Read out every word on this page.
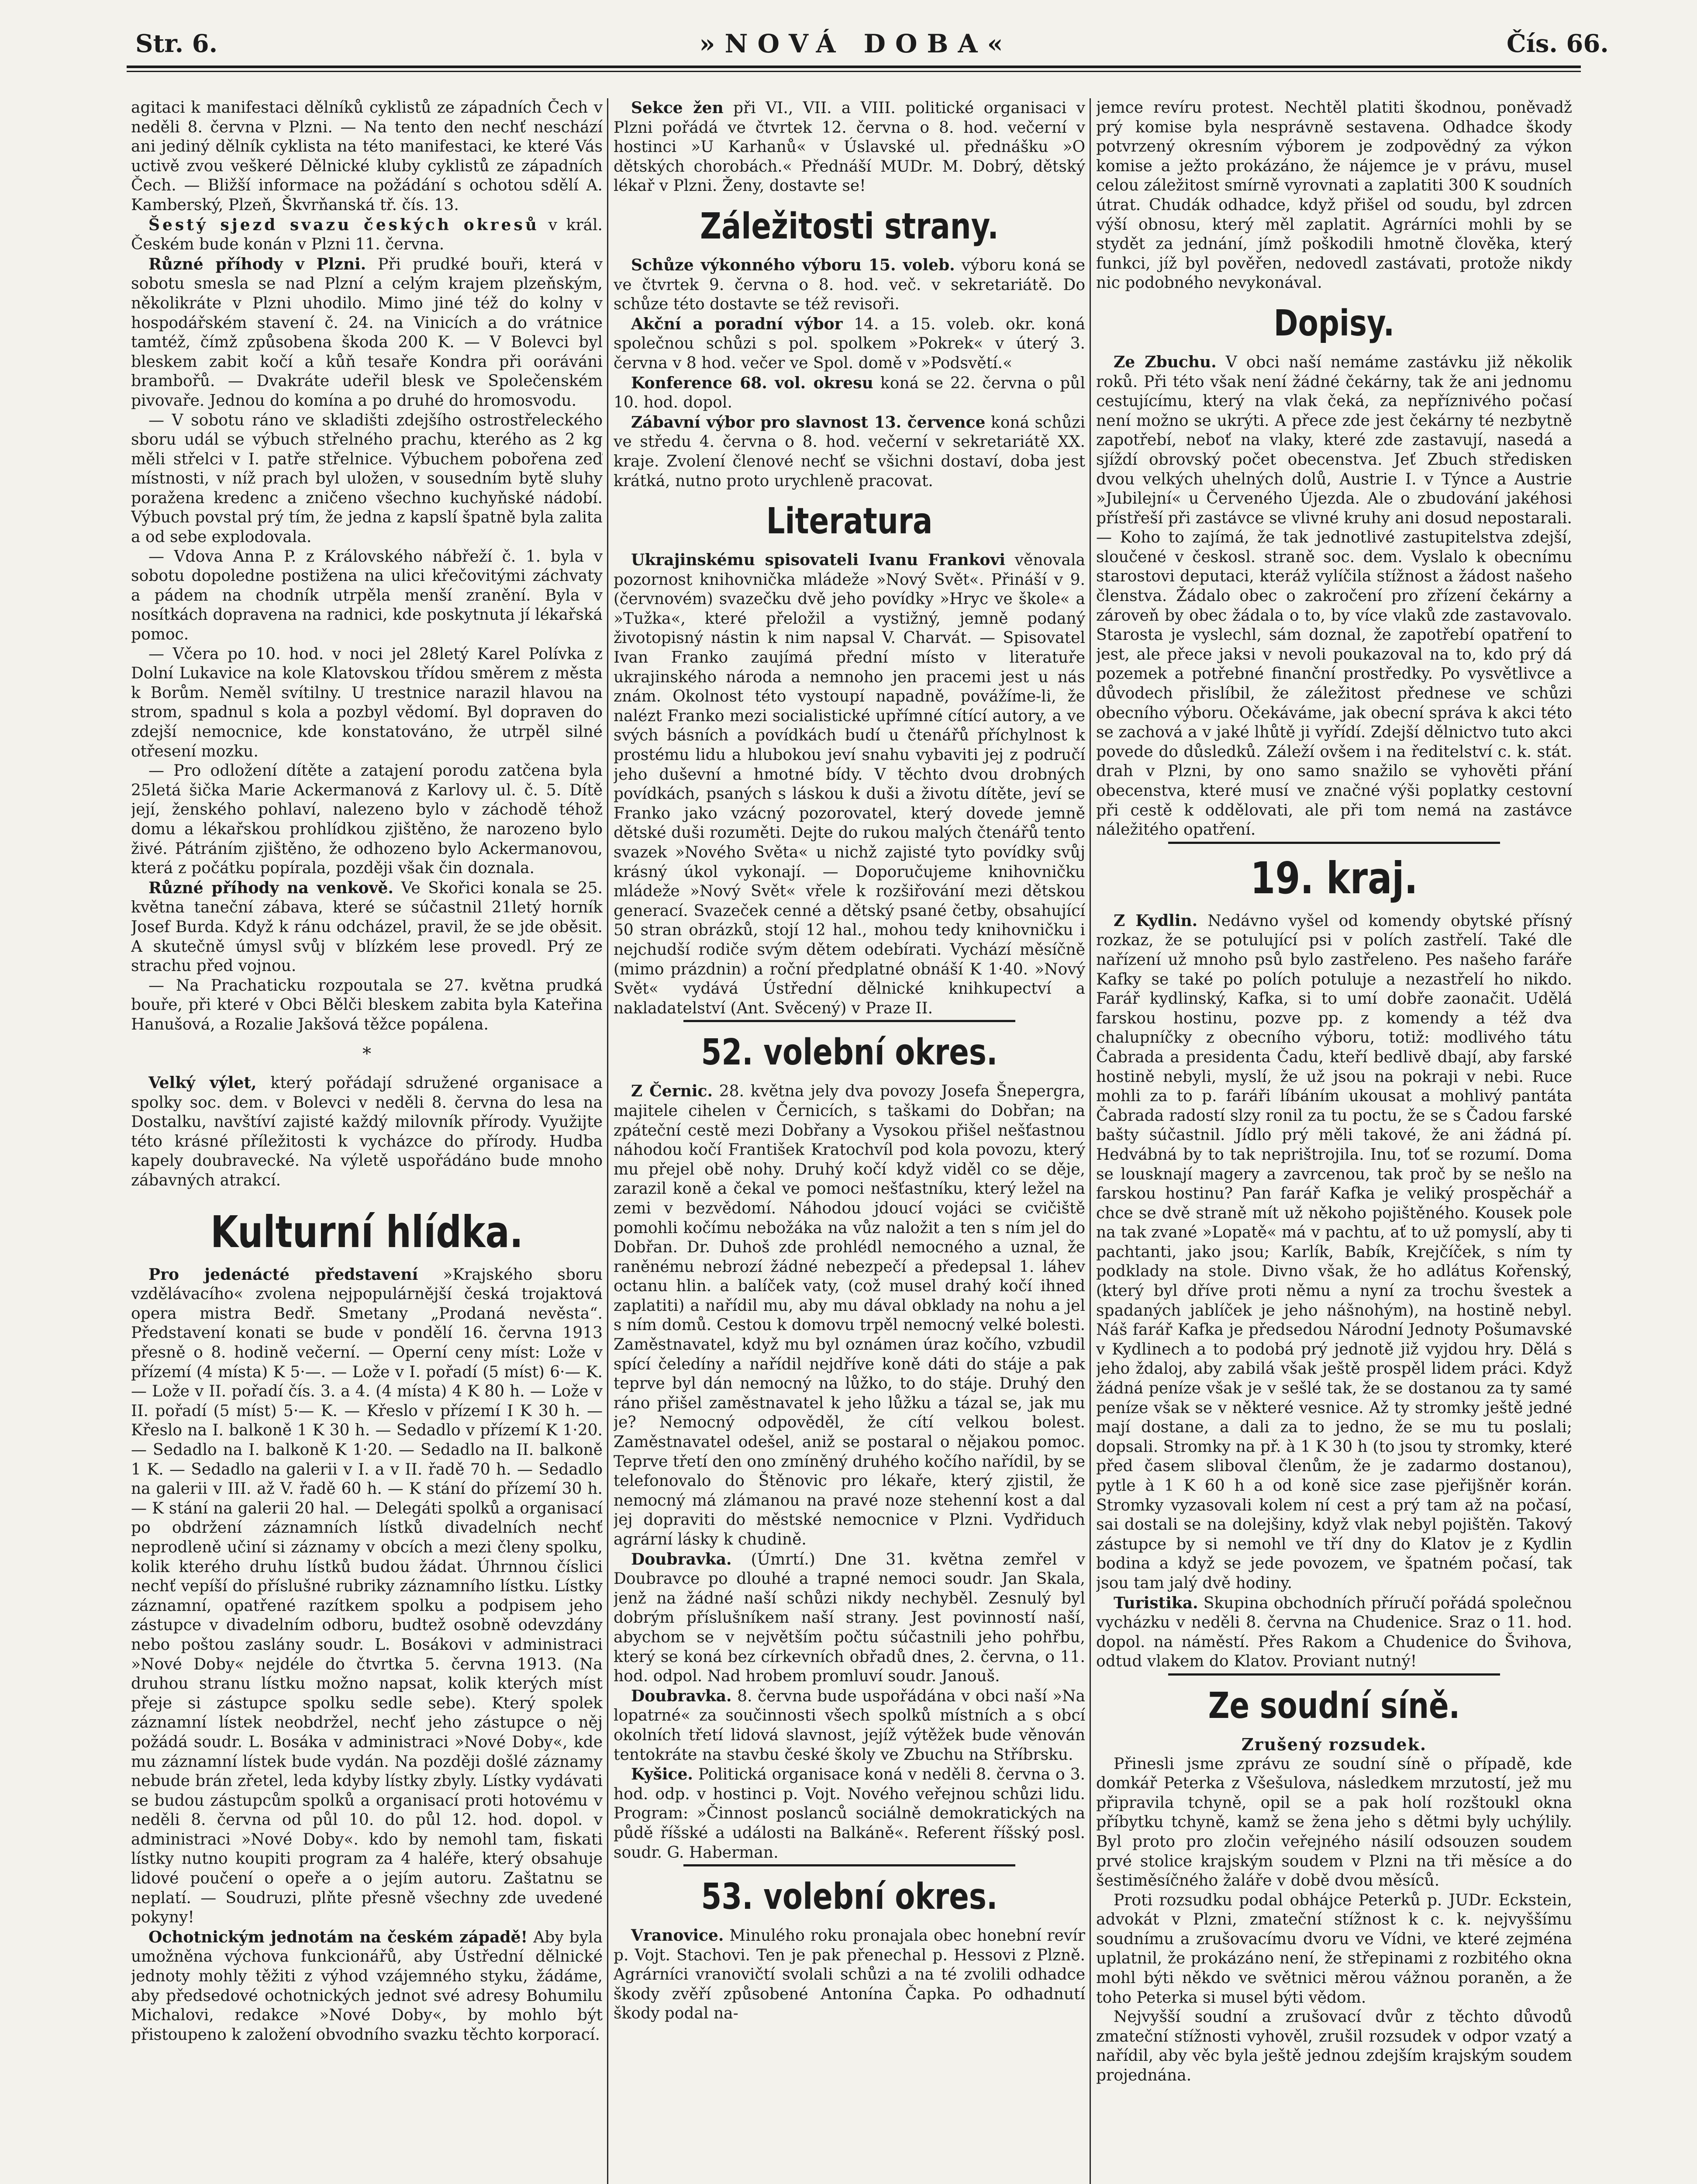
Str. 6.	»NOVÁ DOBA«	Čís. 66.

agitaci k manifestaci dělníků cyklistů ze západních Čech v neděli 8. června v Plzni. — Na tento den nechť neschází ani jediný dělník cyklista na této manifestaci, ke které Vás uctivě zvou veškeré Dělnické kluby cyklistů ze západních Čech. — Bližší informace na požádání s ochotou sdělí A. Kamberský, Plzeň, Škvrňanská tř. čís. 13.

Šestý sjezd svazu českých okresů v král. Českém bude konán v Plzni 11. června.

Různé příhody v Plzni. Při prudké bouři, která v sobotu smesla se nad Plzní a celým krajem plzeňským, několikráte v Plzni uhodilo. Mimo jiné též do kolny v hospodářském stavení č. 24. na Vinicích a do vrátnice tamtéž, čímž způsobena škoda 200 K. — V Bolevci byl bleskem zabit kočí a kůň tesaře Kondra při ooráváni brambořů. — Dvakráte udeřil blesk ve Společenském pivovaře. Jednou do komína a po druhé do hromosvodu.

— V sobotu ráno ve skladišti zdejšího ostrostřeleckého sboru udál se výbuch střelného prachu, kterého as 2 kg měli střelci v I. patře střelnice. Výbuchem pobořena zeď místnosti, v níž prach byl uložen, v sousedním bytě sluhy poražena kredenc a zničeno všechno kuchyňské nádobí. Výbuch povstal prý tím, že jedna z kapslí špatně byla zalita a od sebe explodovala.

— Vdova Anna P. z Královského nábřeží č. 1. byla v sobotu dopoledne postižena na ulici křečovitými záchvaty a pádem na chodník utrpěla menší zranění. Byla v nosítkách dopravena na radnici, kde poskytnuta jí lékařská pomoc.

— Včera po 10. hod. v noci jel 28letý Karel Polívka z Dolní Lukavice na kole Klatovskou třídou směrem z města k Borům. Neměl svítilny. U trestnice narazil hlavou na strom, spadnul s kola a pozbyl vědomí. Byl dopraven do zdejší nemocnice, kde konstatováno, že utrpěl silné otřesení mozku.

— Pro odložení dítěte a zatajení porodu zatčena byla 25letá šička Marie Ackermanová z Karlovy ul. č. 5. Dítě její, ženského pohlaví, nalezeno bylo v záchodě téhož domu a lékařskou prohlídkou zjištěno, že narozeno bylo živé. Pátráním zjištěno, že odhozeno bylo Ackermanovou, která z počátku popírala, později však čin doznala.

Různé příhody na venkově. Ve Skořici konala se 25. května taneční zábava, které se súčastnil 21letý horník Josef Burda. Když k ránu odcházel, pravil, že se jde oběsit. A skutečně úmysl svůj v blízkém lese provedl. Prý ze strachu před vojnou.

— Na Prachaticku rozpoutala se 27. května prudká bouře, při které v Obci Bělči bleskem zabita byla Kateřina Hanušová, a Rozalie Jakšová těžce popálena.

*

Velký výlet, který pořádají sdružené organisace a spolky soc. dem. v Bolevci v neděli 8. června do lesa na Dostalku, navštíví zajisté každý milovník přírody. Využijte této krásné příležitosti k vycházce do přírody. Hudba kapely doubravecké. Na výletě uspořádáno bude mnoho zábavných atrakcí.

Kulturní hlídka.

Pro jedenácté představení »Krajského sboru vzdělávacího« zvolena nejpopulárnější česká trojaktová opera mistra Bedř. Smetany „Prodaná nevěsta“. Představení konati se bude v pondělí 16. června 1913 přesně o 8. hodině večerní. — Operní ceny míst: Lože v přízemí (4 místa) K 5·—. — Lože v I. pořadí (5 míst) 6·— K. — Lože v II. pořadí čís. 3. a 4. (4 místa) 4 K 80 h. — Lože v II. pořadí (5 míst) 5·— K. — Křeslo v přízemí I K 30 h. — Křeslo na I. balkoně 1 K 30 h. — Sedadlo v přízemí K 1·20. — Sedadlo na I. balkoně K 1·20. — Sedadlo na II. balkoně 1 K. — Sedadlo na galerii v I. a v II. řadě 70 h. — Sedadlo na galerii v III. až V. řadě 60 h. — K stání do přízemí 30 h. — K stání na galerii 20 hal. — Delegáti spolků a organisací po obdržení záznamních lístků divadelních nechť neprodleně učiní si záznamy v obcích a mezi členy spolku, kolik kterého druhu lístků budou žádat. Úhrnnou číslici nechť vepíší do příslušné rubriky záznamního lístku. Lístky záznamní, opatřené razítkem spolku a podpisem jeho zástupce v divadelním odboru, budtež osobně odevzdány nebo poštou zaslány soudr. L. Bosákovi v administraci »Nové Doby« nejdéle do čtvrtka 5. června 1913. (Na druhou stranu lístku možno napsat, kolik kterých míst přeje si zástupce spolku sedle sebe). Který spolek záznamní lístek neobdržel, nechť jeho zástupce o něj požádá soudr. L. Bosáka v administraci »Nové Doby«, kde mu záznamní lístek bude vydán. Na později došlé záznamy nebude brán zřetel, leda kdyby lístky zbyly. Lístky vydávati se budou zástupcům spolků a organisací proti hotovému v neděli 8. června od půl 10. do půl 12. hod. dopol. v administraci »Nové Doby«. kdo by nemohl tam, fiskati lístky nutno koupiti program za 4 haléře, který obsahuje lidové poučení o opeře a o jejím autoru. Zaštatnu se neplatí. — Soudruzi, plňte přesně všechny zde uvedené pokyny!

Ochotnickým jednotám na českém západě! Aby byla umožněna výchova funkcionářů, aby Ústřední dělnické jednoty mohly těžiti z výhod vzájemného styku, žádáme, aby předsedové ochotnických jednot své adresy Bohumilu Michalovi, redakce »Nové Doby«, by mohlo být přistoupeno k založení obvodního svazku těchto korporací.

Sekce žen při VI., VII. a VIII. politické organisaci v Plzni pořádá ve čtvrtek 12. června o 8. hod. večerní v hostinci »U Karhanů« v Úslavské ul. přednášku »O dětských chorobách.« Přednáší MUDr. M. Dobrý, dětský lékař v Plzni. Ženy, dostavte se!

Záležitosti strany.

Schůze výkonného výboru 15. voleb. výboru koná se ve čtvrtek 9. června o 8. hod. več. v sekretariátě. Do schůze této dostavte se též revisoři.

Akční a poradní výbor 14. a 15. voleb. okr. koná společnou schůzi s pol. spolkem »Pokrek« v úterý 3. června v 8 hod. večer ve Spol. domě v »Podsvětí.«

Konference 68. vol. okresu koná se 22. června o půl 10. hod. dopol.

Zábavní výbor pro slavnost 13. července koná schůzi ve středu 4. června o 8. hod. večerní v sekretariátě XX. kraje. Zvolení členové nechť se všichni dostaví, doba jest krátká, nutno proto urychleně pracovat.

Literatura

Ukrajinskému spisovateli Ivanu Frankovi věnovala pozornost knihovnička mládeže »Nový Svět«. Přináší v 9. (červnovém) svazečku dvě jeho povídky »Hryc ve škole« a »Tužka«, které přeložil a vystižný, jemně podaný životopisný nástin k nim napsal V. Charvát. — Spisovatel Ivan Franko zaujímá přední místo v literatuře ukrajinského národa a nemnoho jen pracemi jest u nás znám. Okolnost této vystoupí napadně, povážíme-li, že nalézt Franko mezi socialistické upřímné cítící autory, a ve svých básních a povídkách budí u čtenářů příchylnost k prostému lidu a hlubokou jeví snahu vybaviti jej z područí jeho duševní a hmotné bídy. V těchto dvou drobných povídkách, psaných s láskou k duši a životu dítěte, jeví se Franko jako vzácný pozorovatel, který dovede jemně dětské duši rozuměti. Dejte do rukou malých čtenářů tento svazek »Nového Světa« u nichž zajisté tyto povídky svůj krásný úkol vykonají. — Doporučujeme knihovničku mládeže »Nový Svět« vřele k rozšiřování mezi dětskou generací. Svazeček cenné a dětský psané četby, obsahující 50 stran obrázků, stojí 12 hal., mohou tedy knihovničku i nejchudší rodiče svým dětem odebírati. Vychází měsíčně (mimo prázdnin) a roční předplatné obnáší K 1·40. »Nový Svět« vydává Ústřední dělnické knihkupectví a nakladatelství (Ant. Svěcený) v Praze II.

52. volební okres.

Z Černic. 28. května jely dva povozy Josefa Šnepergra, majitele cihelen v Černicích, s taškami do Dobřan; na zpáteční cestě mezi Dobřany a Vysokou přišel nešťastnou náhodou kočí František Kratochvíl pod kola povozu, který mu přejel obě nohy. Druhý kočí když viděl co se děje, zarazil koně a čekal ve pomoci nešťastníku, který ležel na zemi v bezvědomí. Náhodou jdoucí vojáci se cvičiště pomohli kočímu nebožáka na vůz naložit a ten s ním jel do Dobřan. Dr. Duhoš zde prohlédl nemocného a uznal, že raněnému nebrozí žádné nebezpečí a předepsal 1. láhev octanu hlin. a balíček vaty, (což musel drahý kočí ihned zaplatiti) a nařídil mu, aby mu dával obklady na nohu a jel s ním domů. Cestou k domovu trpěl nemocný velké bolesti. Zaměstnavatel, když mu byl oznámen úraz kočího, vzbudil spící čeledíny a nařídil nejdříve koně dáti do stáje a pak teprve byl dán nemocný na lůžko, to do stáje. Druhý den ráno přišel zaměstnavatel k jeho lůžku a tázal se, jak mu je? Nemocný odpověděl, že cítí velkou bolest. Zaměstnavatel odešel, aniž se postaral o nějakou pomoc. Teprve třetí den ono zmíněný druhého kočího nařídil, by se telefonovalo do Štěnovic pro lékaře, který zjistil, že nemocný má zlámanou na pravé noze stehenní kost a dal jej dopraviti do městské nemocnice v Plzni. Vydřiduch agrární lásky k chudině.

Doubravka. (Úmrtí.) Dne 31. května zemřel v Doubravce po dlouhé a trapné nemoci soudr. Jan Skala, jenž na žádné naší schůzi nikdy nechyběl. Zesnulý byl dobrým příslušníkem naší strany. Jest povinností naší, abychom se v největším počtu súčastnili jeho pohřbu, který se koná bez církevních obřadů dnes, 2. června, o 11. hod. odpol. Nad hrobem promluví soudr. Janouš.

Doubravka. 8. června bude uspořádána v obci naší »Na lopatrné« za součinnosti všech spolků místních a s obcí okolních třetí lidová slavnost, jejíž výtěžek bude věnován tentokráte na stavbu české školy ve Zbuchu na Stříbrsku.

Kyšice. Politická organisace koná v neděli 8. června o 3. hod. odp. v hostinci p. Vojt. Nového veřejnou schůzi lidu. Program: »Činnost poslanců sociálně demokratických na půdě říšské a události na Balkáně«. Referent říšský posl. soudr. G. Haberman.

53. volební okres.

Vranovice. Minulého roku pronajala obec honební revír p. Vojt. Stachovi. Ten je pak přenechal p. Hessovi z Plzně. Agrárníci vranovičtí svolali schůzi a na té zvolili odhadce škody zvěří způsobené Antonína Čapka. Po odhadnutí škody podal na-

jemce revíru protest. Nechtěl platiti škodnou, poněvadž prý komise byla nesprávně sestavena. Odhadce škody potvrzený okresním výborem je zodpovědný za výkon komise a ježto prokázáno, že nájemce je v právu, musel celou záležitost smírně vyrovnati a zaplatiti 300 K soudních útrat. Chudák odhadce, když přišel od soudu, byl zdrcen výší obnosu, který měl zaplatit. Agrárníci mohli by se stydět za jednání, jímž poškodili hmotně člověka, který funkci, jíž byl pověřen, nedovedl zastávati, protože nikdy nic podobného nevykonával.

Dopisy.

Ze Zbuchu. V obci naší nemáme zastávku již několik roků. Při této však není žádné čekárny, tak že ani jednomu cestujícímu, který na vlak čeká, za nepříznivého počasí není možno se ukrýti. A přece zde jest čekárny té nezbytně zapotřebí, neboť na vlaky, které zde zastavují, nasedá a sjíždí obrovský počet obecenstva. Jeť Zbuch středisken dvou velkých uhelných dolů, Austrie I. v Týnce a Austrie »Jubilejní« u Červeného Újezda. Ale o zbudování jakéhosi přístřeší při zastávce se vlivné kruhy ani dosud nepostarali. — Koho to zajímá, že tak jednotlivé zastupitelstva zdejší, sloučené v českosl. straně soc. dem. Vyslalo k obecnímu starostovi deputaci, kteráž vylíčila stížnost a žádost našeho členstva. Žádalo obec o zakročení pro zřízení čekárny a zároveň by obec žádala o to, by více vlaků zde zastavovalo. Starosta je vyslechl, sám doznal, že zapotřebí opatření to jest, ale přece jaksi v nevoli poukazoval na to, kdo prý dá pozemek a potřebné finanční prostředky. Po vysvětlivce a důvodech přislíbil, že záležitost přednese ve schůzi obecního výboru. Očekáváme, jak obecní správa k akci této se zachová a v jaké lhůtě ji vyřídí. Zdejší dělnictvo tuto akci povede do důsledků. Záleží ovšem i na ředitelství c. k. stát. drah v Plzni, by ono samo snažilo se vyhověti přání obecenstva, které musí ve značné výši poplatky cestovní při cestě k oddělovati, ale při tom nemá na zastávce náležitého opatření.

19. kraj.

Z Kydlin. Nedávno vyšel od komendy obytské přísný rozkaz, že se potulující psi v polích zastřelí. Také dle nařízení už mnoho psů bylo zastřeleno. Pes našeho faráře Kafky se také po polích potuluje a nezastřelí ho nikdo. Farář kydlinský, Kafka, si to umí dobře zaonačit. Udělá farskou hostinu, pozve pp. z komendy a též dva chalupníčky z obecního výboru, totiž: modlivého tátu Čabrada a presidenta Čadu, kteří bedlivě dbají, aby farské hostině nebyli, myslí, že už jsou na pokraji v nebi. Ruce mohli za to p. faráři líbáním ukousat a mohlivý pantáta Čabrada radostí slzy ronil za tu poctu, že se s Čadou farské bašty súčastnil. Jídlo prý měli takové, že ani žádná pí. Hedvábná by to tak neprištrojila. Inu, toť se rozumí. Doma se lousknají magery a zavrcenou, tak proč by se nešlo na farskou hostinu? Pan farář Kafka je veliký prospěchář a chce se dvě straně mít už někoho pojištěného. Kousek pole na tak zvané »Lopatě« má v pachtu, ať to už pomyslí, aby ti pachtanti, jako jsou; Karlík, Babík, Krejčíček, s ním ty podklady na stole. Divno však, že ho adlátus Kořenský, (který byl dříve proti němu a nyní za trochu švestek a spadaných jablíček je jeho nášnohým), na hostině nebyl. Náš farář Kafka je předsedou Národní Jednoty Pošumavské v Kydlinech a to podobá prý jednotě již vyjdou hry. Dělá s jeho ždaloj, aby zabilá však ještě prospěl lidem práci. Když žádná peníze však je v sešlé tak, že se dostanou za ty samé peníze však se v některé vesnice. Až ty stromky ještě jedné mají dostane, a dali za to jedno, že se mu tu poslali; dopsali. Stromky na př. à 1 K 30 h (to jsou ty stromky, které před časem sliboval členům, že je zadarmo dostanou), pytle à 1 K 60 h a od koně sice zase pjeřijšněr korán. Stromky vyzasovali kolem ní cest a prý tam až na počasí, sai dostali se na dolejšiny, když vlak nebyl pojištěn. Takový zástupce by si nemohl ve tří dny do Klatov je z Kydlin bodina a když se jede povozem, ve špatném počasí, tak jsou tam jalý dvě hodiny.

Turistika. Skupina obchodních příručí pořádá společnou vycházku v neděli 8. června na Chudenice. Sraz o 11. hod. dopol. na náměstí. Přes Rakom a Chudenice do Švihova, odtud vlakem do Klatov. Proviant nutný!

Ze soudní síně.
Zrušený rozsudek.

Přinesli jsme zprávu ze soudní síně o případě, kde domkář Peterka z Všešulova, následkem mrzutostí, jež mu připravila tchyně, opil se a pak holí rozštoukl okna příbytku tchyně, kamž se žena jeho s dětmi byly uchýlily. Byl proto pro zločin veřejného násilí odsouzen soudem prvé stolice krajským soudem v Plzni na tři měsíce a do šestiměsíčného žaláře v době dvou měsíců.

Proti rozsudku podal obhájce Peterků p. JUDr. Eckstein, advokát v Plzni, zmateční stížnost k c. k. nejvyššímu soudnímu a zrušovacímu dvoru ve Vídni, ve které zejména uplatnil, že prokázáno není, že střepinami z rozbitého okna mohl býti někdo ve světnici měrou vážnou poraněn, a že toho Peterka si musel býti vědom.

Nejvyšší soudní a zrušovací dvůr z těchto důvodů zmateční stížnosti vyhověl, zrušil rozsudek v odpor vzatý a nařídil, aby věc byla ještě jednou zdejším krajským soudem projednána.
